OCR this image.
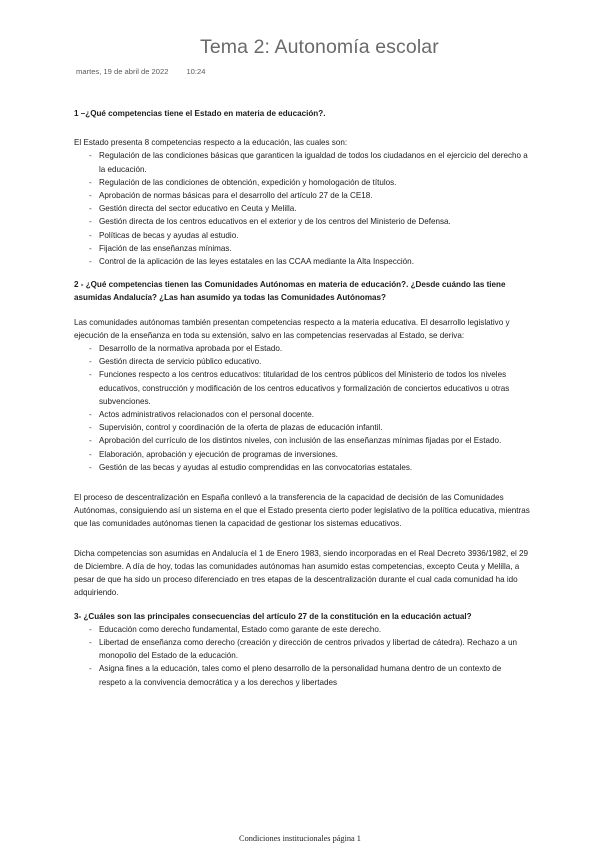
Tema 2: Autonomía escolar
martes, 19 de abril de 2022 10:24

1 –¿Qué competencias tiene el Estado en materia de educación?.

El Estado presenta 8 competencias respecto a la educación, las cuales son:

- Regulación de las condiciones básicas que garanticen la igualdad de todos los ciudadanos en el ejercicio del derecho a la educación.
- Regulación de las condiciones de obtención, expedición y homologación de títulos.
- Aprobación de normas básicas para el desarrollo del artículo 27 de la CE18.
- Gestión directa del sector educativo en Ceuta y Melilla.
- Gestión directa de los centros educativos en el exterior y de los centros del Ministerio de Defensa.
- Políticas de becas y ayudas al estudio.
- Fijación de las enseñanzas mínimas.
- Control de la aplicación de las leyes estatales en las CCAA mediante la Alta Inspección.

2 - ¿Qué competencias tienen las Comunidades Autónomas en materia de educación?. ¿Desde cuándo las tiene asumidas Andalucía? ¿Las han asumido ya todas las Comunidades Autónomas?

Las comunidades autónomas también presentan competencias respecto a la materia educativa. El desarrollo legislativo y ejecución de la enseñanza en toda su extensión, salvo en las competencias reservadas al Estado, se deriva:

- Desarrollo de la normativa aprobada por el Estado.
- Gestión directa de servicio público educativo.
- Funciones respecto a los centros educativos: titularidad de los centros públicos del Ministerio de todos los niveles educativos, construcción y modificación de los centros educativos y formalización de conciertos educativos u otras subvenciones.
- Actos administrativos relacionados con el personal docente.
- Supervisión, control y coordinación de la oferta de plazas de educación infantil.
- Aprobación del currículo de los distintos niveles, con inclusión de las enseñanzas mínimas fijadas por el Estado.
- Elaboración, aprobación y ejecución de programas de inversiones.
- Gestión de las becas y ayudas al estudio comprendidas en las convocatorias estatales.

El proceso de descentralización en España conllevó a la transferencia de la capacidad de decisión de las Comunidades Autónomas, consiguiendo así un sistema en el que el Estado presenta cierto poder legislativo de la política educativa, mientras que las comunidades autónomas tienen la capacidad de gestionar los sistemas educativos.

Dicha competencias son asumidas en Andalucía el 1 de Enero 1983, siendo incorporadas en el Real Decreto 3936/1982, el 29 de Diciembre. A día de hoy, todas las comunidades autónomas han asumido estas competencias, excepto Ceuta y Melilla, a pesar de que ha sido un proceso diferenciado en tres etapas de la descentralización durante el cual cada comunidad ha ido adquiriendo.

3- ¿Cuáles son las principales consecuencias del artículo 27 de la constitución en la educación actual?

- Educación como derecho fundamental, Estado como garante de este derecho.
- Libertad de enseñanza como derecho (creación y dirección de centros privados y libertad de cátedra). Rechazo a un monopolio del Estado de la educación.
- Asigna fines a la educación, tales como el pleno desarrollo de la personalidad humana dentro de un contexto de respeto a la convivencia democrática y a los derechos y libertades
Condiciones institucionales página 1
